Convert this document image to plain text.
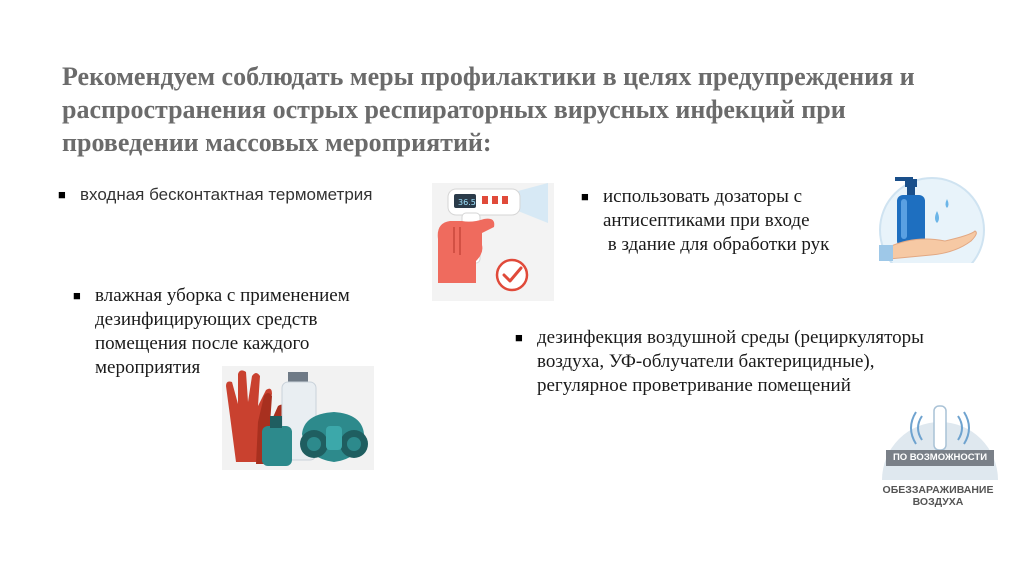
Рекомендуем соблюдать меры профилактики в целях предупреждения и распространения острых респираторных вирусных инфекций при проведении массовых мероприятий:
■ входная бесконтактная термометрия	■ использовать дозаторы с
антисептиками при входе
в здание для обработки рук
■ влажная уборка с применением
дезинфицирующих средств
помещения после каждого
мероприятия
■ дезинфекция воздушной среды (рециркуляторы
воздуха, УФ-облучатели бактерицидные),
регулярное проветривание помещений
36.5
ПО ВОЗМОЖНОСТИ
ОБЕЗЗАРАЖИВАНИЕ
ВОЗДУХА
